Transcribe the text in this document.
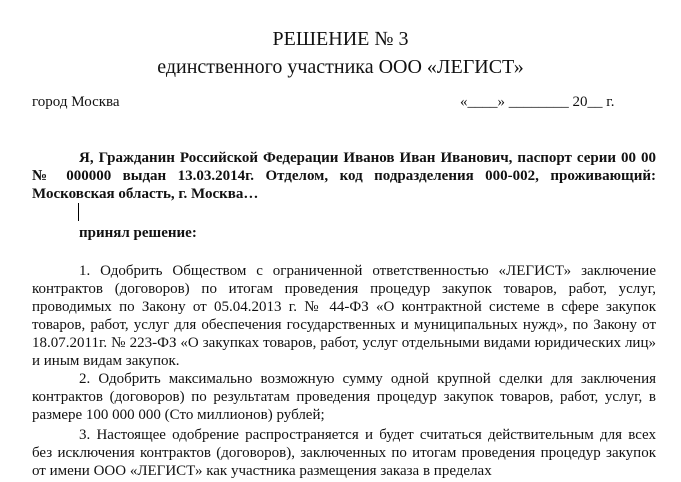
РЕШЕНИЕ № 3
единственного участника ООО «ЛЕГИСТ»
город Москва	«____» ________ 20__ г.

Я, Гражданин Российской Федерации Иванов Иван Иванович, паспорт серии 00 00 № 000000 выдан 13.03.2014г. Отделом, код подразделения 000-002, проживающий: Московская область, г. Москва…

принял решение:

1. Одобрить Обществом с ограниченной ответственностью «ЛЕГИСТ» заключение контрактов (договоров) по итогам проведения процедур закупок товаров, работ, услуг, проводимых по Закону от 05.04.2013 г. № 44-ФЗ «О контрактной системе в сфере закупок товаров, работ, услуг для обеспечения государственных и муниципальных нужд», по Закону от 18.07.2011г. № 223-ФЗ «О закупках товаров, работ, услуг отдельными видами юридических лиц» и иным видам закупок.

2. Одобрить максимально возможную сумму одной крупной сделки для заключения контрактов (договоров) по результатам проведения процедур закупок товаров, работ, услуг, в размере 100 000 000 (Сто миллионов) рублей;

3. Настоящее одобрение распространяется и будет считаться действительным для всех без исключения контрактов (договоров), заключенных по итогам проведения процедур закупок от имени ООО «ЛЕГИСТ» как участника размещения заказа в пределах
